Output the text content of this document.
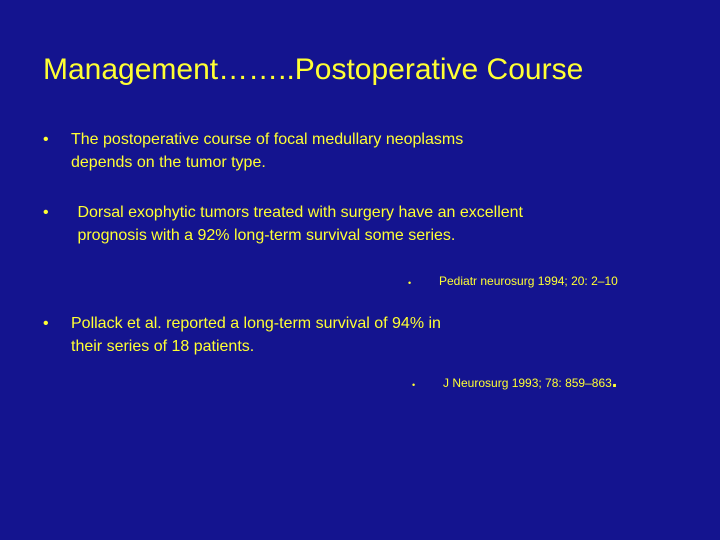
Management……..Postoperative Course
•	The postoperative course of focal medullary neoplasms
depends on the tumor type.
•	Dorsal exophytic tumors treated with surgery have an excellent
prognosis with a 92% long-term survival some series.
• Pediatr neurosurg 1994; 20: 2–10
•	Pollack et al. reported a long-term survival of 94% in
their series of 18 patients.
• J Neurosurg 1993; 78: 859–863.
